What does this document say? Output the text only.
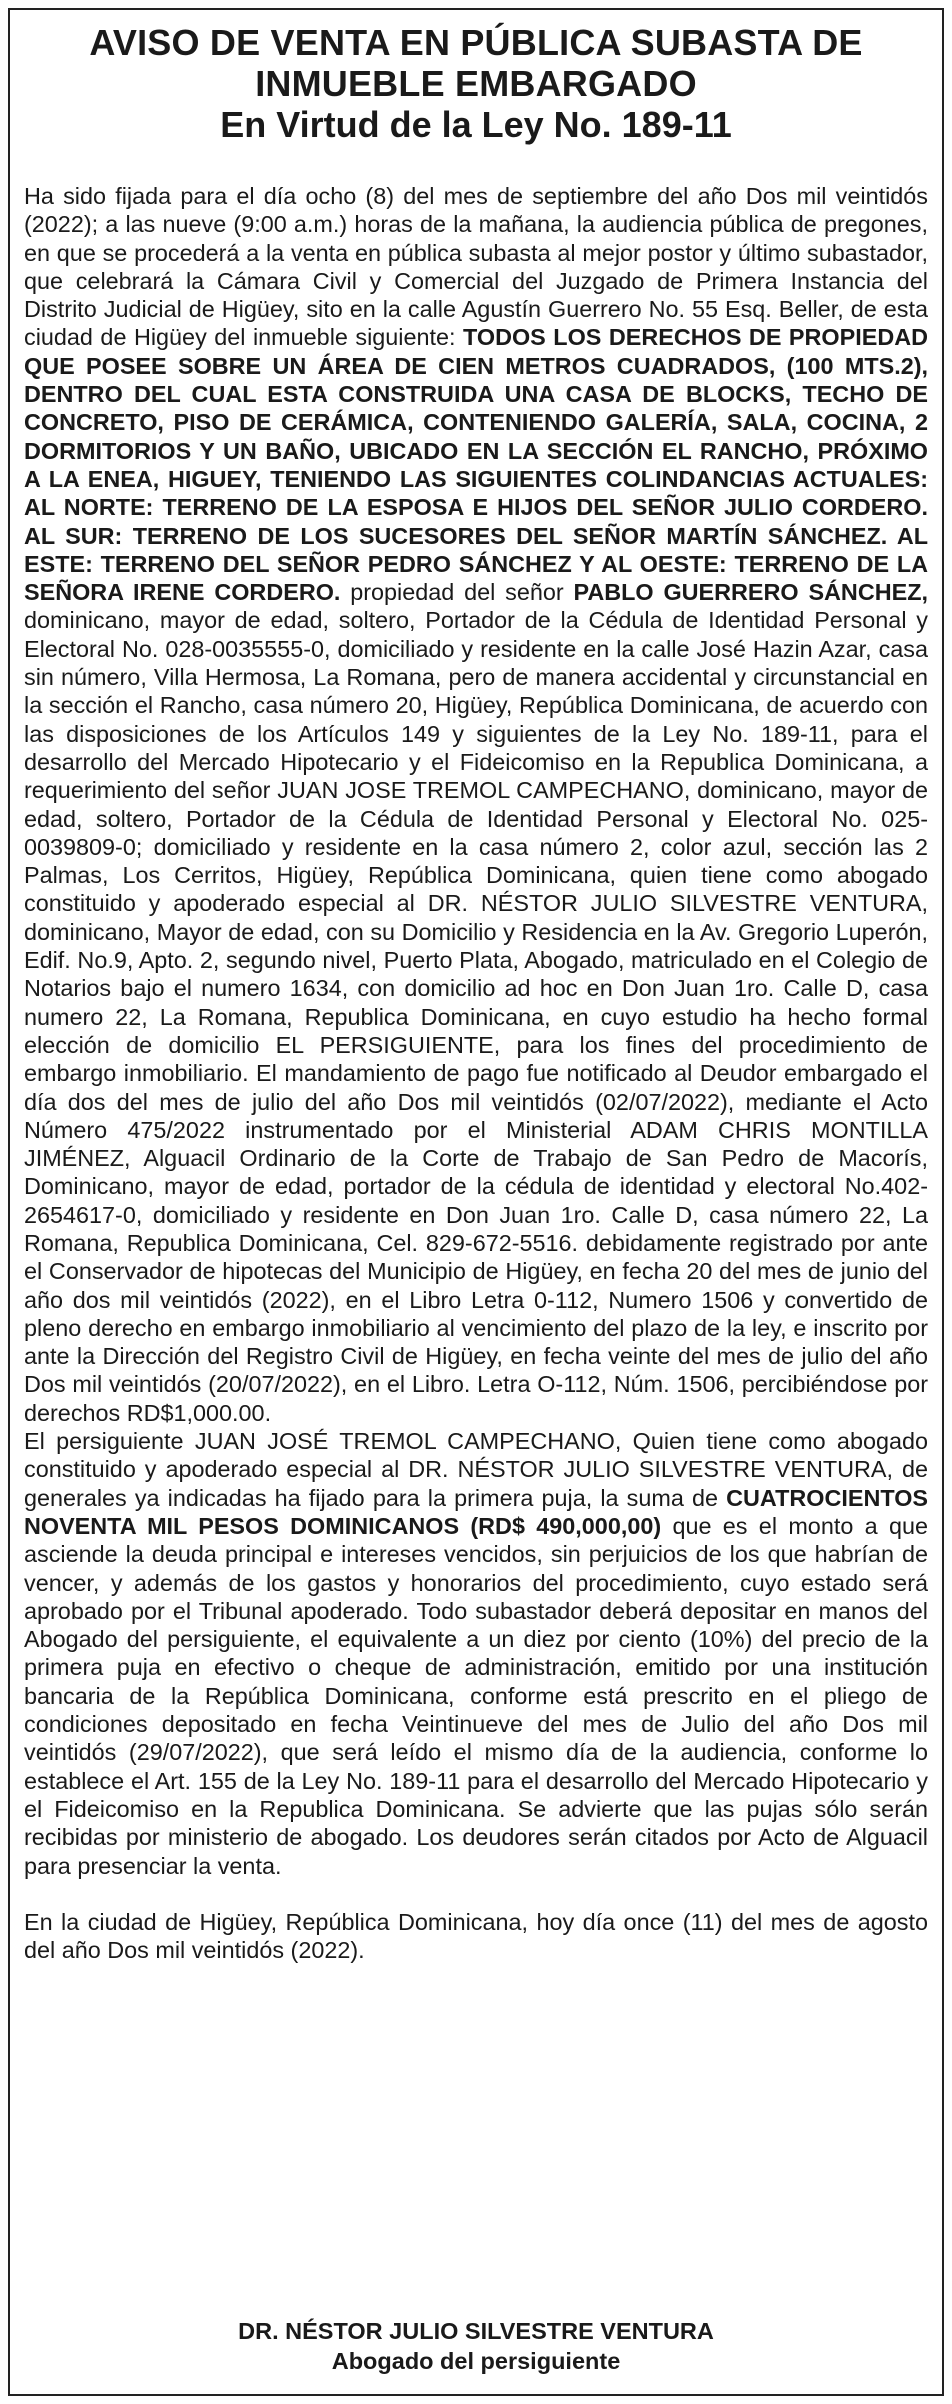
AVISO DE VENTA EN PÚBLICA SUBASTA DE INMUEBLE EMBARGADO
En Virtud de la Ley No. 189-11

Ha sido fijada para el día ocho (8) del mes de septiembre del año Dos mil veintidós (2022); a las nueve (9:00 a.m.) horas de la mañana, la audiencia pública de pregones, en que se procederá a la venta en pública subasta al mejor postor y último subastador, que celebrará la Cámara Civil y Comercial del Juzgado de Primera Instancia del Distrito Judicial de Higüey, sito en la calle Agustín Guerrero No. 55 Esq. Beller, de esta ciudad de Higüey del inmueble siguiente: TODOS LOS DERECHOS DE PROPIEDAD QUE POSEE SOBRE UN ÁREA DE CIEN METROS CUADRADOS, (100 MTS.2), DENTRO DEL CUAL ESTA CONSTRUIDA UNA CASA DE BLOCKS, TECHO DE CONCRETO, PISO DE CERÁMICA, CONTENIENDO GALERÍA, SALA, COCINA, 2 DORMITORIOS Y UN BAÑO, UBICADO EN LA SECCIÓN EL RANCHO, PRÓXIMO A LA ENEA, HIGUEY, TENIENDO LAS SIGUIENTES COLINDANCIAS ACTUALES: AL NORTE: TERRENO DE LA ESPOSA E HIJOS DEL SEÑOR JULIO CORDERO. AL SUR: TERRENO DE LOS SUCESORES DEL SEÑOR MARTÍN SÁNCHEZ. AL ESTE: TERRENO DEL SEÑOR PEDRO SÁNCHEZ Y AL OESTE: TERRENO DE LA SEÑORA IRENE CORDERO. propiedad del señor PABLO GUERRERO SÁNCHEZ, dominicano, mayor de edad, soltero, Portador de la Cédula de Identidad Personal y Electoral No. 028-0035555-0, domiciliado y residente en la calle José Hazin Azar, casa sin número, Villa Hermosa, La Romana, pero de manera accidental y circunstancial en la sección el Rancho, casa número 20, Higüey, República Dominicana, de acuerdo con las disposiciones de los Artículos 149 y siguientes de la Ley No. 189-11, para el desarrollo del Mercado Hipotecario y el Fideicomiso en la Republica Dominicana, a requerimiento del señor JUAN JOSE TREMOL CAMPECHANO, dominicano, mayor de edad, soltero, Portador de la Cédula de Identidad Personal y Electoral No. 025-0039809-0; domiciliado y residente en la casa número 2, color azul, sección las 2 Palmas, Los Cerritos, Higüey, República Dominicana, quien tiene como abogado constituido y apoderado especial al DR. NÉSTOR JULIO SILVESTRE VENTURA, dominicano, Mayor de edad, con su Domicilio y Residencia en la Av. Gregorio Luperón, Edif. No.9, Apto. 2, segundo nivel, Puerto Plata, Abogado, matriculado en el Colegio de Notarios bajo el numero 1634, con domicilio ad hoc en Don Juan 1ro. Calle D, casa numero 22, La Romana, Republica Dominicana, en cuyo estudio ha hecho formal elección de domicilio EL PERSIGUIENTE, para los fines del procedimiento de embargo inmobiliario. El mandamiento de pago fue notificado al Deudor embargado el día dos del mes de julio del año Dos mil veintidós (02/07/2022), mediante el Acto Número 475/2022 instrumentado por el Ministerial ADAM CHRIS MONTILLA JIMÉNEZ, Alguacil Ordinario de la Corte de Trabajo de San Pedro de Macorís, Dominicano, mayor de edad, portador de la cédula de identidad y electoral No.402- 2654617-0, domiciliado y residente en Don Juan 1ro. Calle D, casa número 22, La Romana, Republica Dominicana, Cel. 829-672-5516. debidamente registrado por ante el Conservador de hipotecas del Municipio de Higüey, en fecha 20 del mes de junio del año dos mil veintidós (2022), en el Libro Letra 0-112, Numero 1506 y convertido de pleno derecho en embargo inmobiliario al vencimiento del plazo de la ley, e inscrito por ante la Dirección del Registro Civil de Higüey, en fecha veinte del mes de julio del año Dos mil veintidós (20/07/2022), en el Libro. Letra O-112, Núm. 1506, percibiéndose por derechos RD$1,000.00.

El persiguiente JUAN JOSÉ TREMOL CAMPECHANO, Quien tiene como abogado constituido y apoderado especial al DR. NÉSTOR JULIO SILVESTRE VENTURA, de generales ya indicadas ha fijado para la primera puja, la suma de CUATROCIENTOS NOVENTA MIL PESOS DOMINICANOS (RD$ 490,000,00) que es el monto a que asciende la deuda principal e intereses vencidos, sin perjuicios de los que habrían de vencer, y además de los gastos y honorarios del procedimiento, cuyo estado será aprobado por el Tribunal apoderado. Todo subastador deberá depositar en manos del Abogado del persiguiente, el equivalente a un diez por ciento (10%) del precio de la primera puja en efectivo o cheque de administración, emitido por una institución bancaria de la República Dominicana, conforme está prescrito en el pliego de condiciones depositado en fecha Veintinueve del mes de Julio del año Dos mil veintidós (29/07/2022), que será leído el mismo día de la audiencia, conforme lo establece el Art. 155 de la Ley No. 189-11 para el desarrollo del Mercado Hipotecario y el Fideicomiso en la Republica Dominicana. Se advierte que las pujas sólo serán recibidas por ministerio de abogado. Los deudores serán citados por Acto de Alguacil para presenciar la venta.

En la ciudad de Higüey, República Dominicana, hoy día once (11) del mes de agosto del año Dos mil veintidós (2022).

DR. NÉSTOR JULIO SILVESTRE VENTURA
Abogado del persiguiente
